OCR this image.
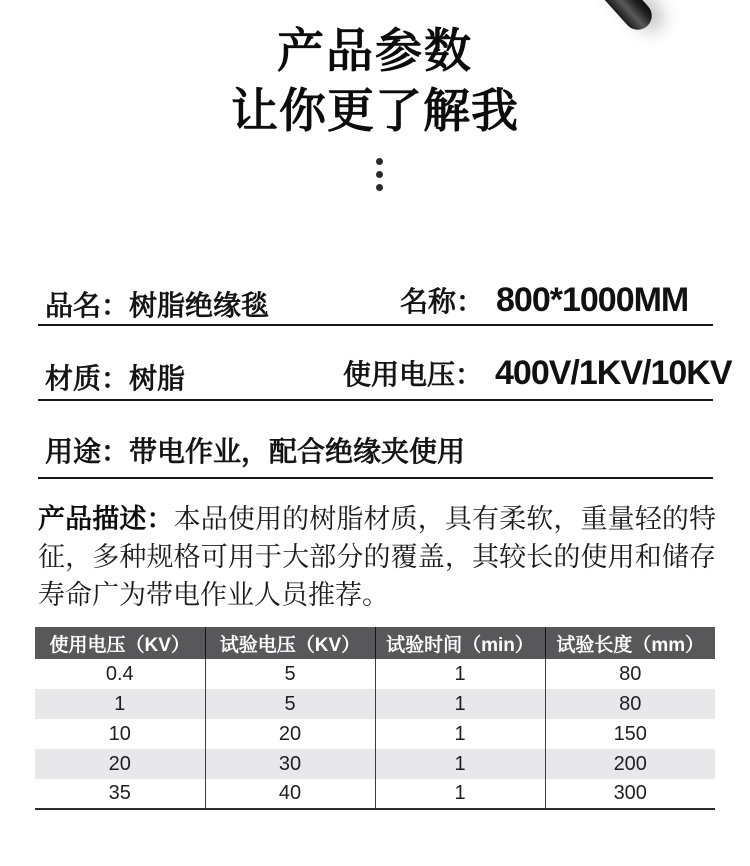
产品参数
让你更了解我
品名： 树脂绝缘毯	名称： 800*1000MM
材质： 树脂	使用电压： 400V/1KV/10KV
用途： 带电作业，配合绝缘夹使用

产品描述：本品使用的树脂材质，具有柔软，重量轻的特征，多种规格可用于大部分的覆盖，其较长的使用和储存寿命广为带电作业人员推荐。

使用电压（KV）	试验电压（KV）	试验时间（min）	试验长度（mm）
0.4	5	1	80
1	5	1	80
10	20	1	150
20	30	1	200
35	40	1	300
